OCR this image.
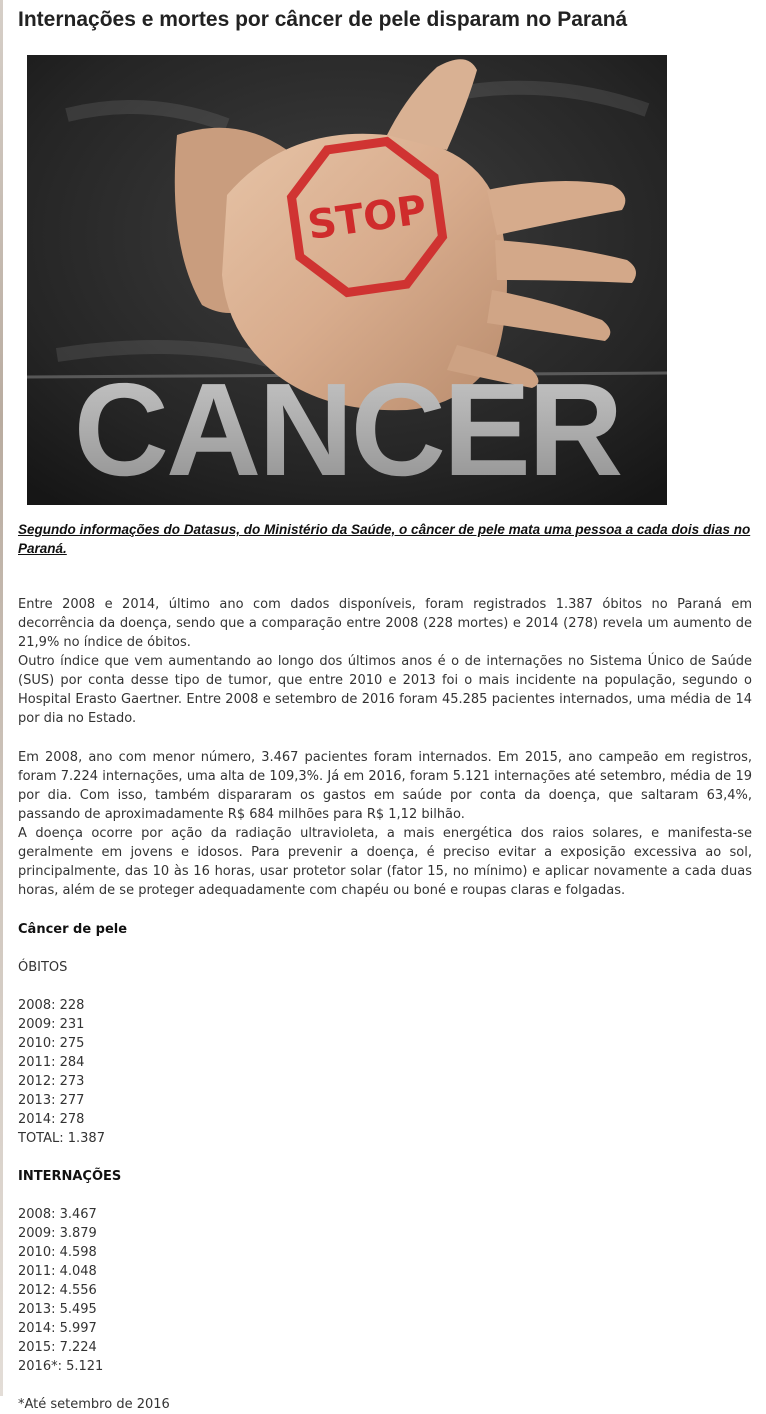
Internações e mortes por câncer de pele disparam no Paraná
STOP
CANCER

Segundo informações do Datasus, do Ministério da Saúde, o câncer de pele mata uma pessoa a cada dois dias no Paraná.

Entre 2008 e 2014, último ano com dados disponíveis, foram registrados 1.387 óbitos no Paraná em decorrência da doença, sendo que a comparação entre 2008 (228 mortes) e 2014 (278) revela um aumento de 21,9% no índice de óbitos.

Outro índice que vem aumentando ao longo dos últimos anos é o de internações no Sistema Único de Saúde (SUS) por conta desse tipo de tumor, que entre 2010 e 2013 foi o mais incidente na população, segundo o Hospital Erasto Gaertner. Entre 2008 e setembro de 2016 foram 45.285 pacientes internados, uma média de 14 por dia no Estado.

Em 2008, ano com menor número, 3.467 pacientes foram internados. Em 2015, ano campeão em registros, foram 7.224 internações, uma alta de 109,3%. Já em 2016, foram 5.121 internações até setembro, média de 19 por dia. Com isso, também dispararam os gastos em saúde por conta da doença, que saltaram 63,4%, passando de aproximadamente R$ 684 milhões para R$ 1,12 bilhão.

A doença ocorre por ação da radiação ultravioleta, a mais energética dos raios solares, e manifesta-se geralmente em jovens e idosos. Para prevenir a doença, é preciso evitar a exposição excessiva ao sol, principalmente, das 10 às 16 horas, usar protetor solar (fator 15, no mínimo) e aplicar novamente a cada duas horas, além de se proteger adequadamente com chapéu ou boné e roupas claras e folgadas.

Câncer de pele

ÓBITOS

2008: 228

2009: 231

2010: 275

2011: 284

2012: 273

2013: 277

2014: 278

TOTAL: 1.387

INTERNAÇÕES

2008: 3.467

2009: 3.879

2010: 4.598

2011: 4.048

2012: 4.556

2013: 5.495

2014: 5.997

2015: 7.224

2016*: 5.121

*Até setembro de 2016
